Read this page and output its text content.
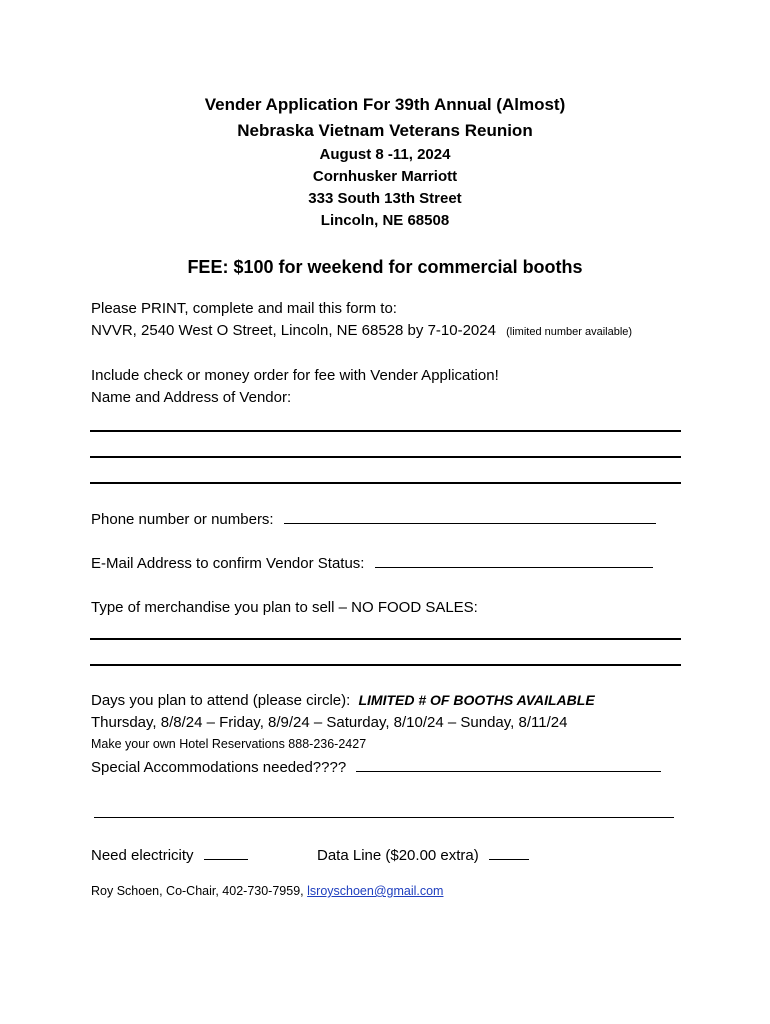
Vender Application For 39th Annual (Almost)
Nebraska Vietnam Veterans Reunion
August 8 -11, 2024
Cornhusker Marriott
333 South 13th Street
Lincoln, NE 68508
FEE: $100 for weekend for commercial booths
Please PRINT, complete and mail this form to:
NVVR, 2540 West O Street, Lincoln, NE 68528 by 7-10-2024 (limited number available)
Include check or money order for fee with Vender Application!
Name and Address of Vendor:
Phone number or numbers:
E-Mail Address to confirm Vendor Status:
Type of merchandise you plan to sell – NO FOOD SALES:
Days you plan to attend (please circle): LIMITED # OF BOOTHS AVAILABLE
Thursday, 8/8/24 – Friday, 8/9/24 – Saturday, 8/10/24 – Sunday, 8/11/24
Make your own Hotel Reservations 888-236-2427
Special Accommodations needed????
Need electricity	Data Line ($20.00 extra)
Roy Schoen, Co-Chair, 402-730-7959, lsroyschoen@gmail.com
